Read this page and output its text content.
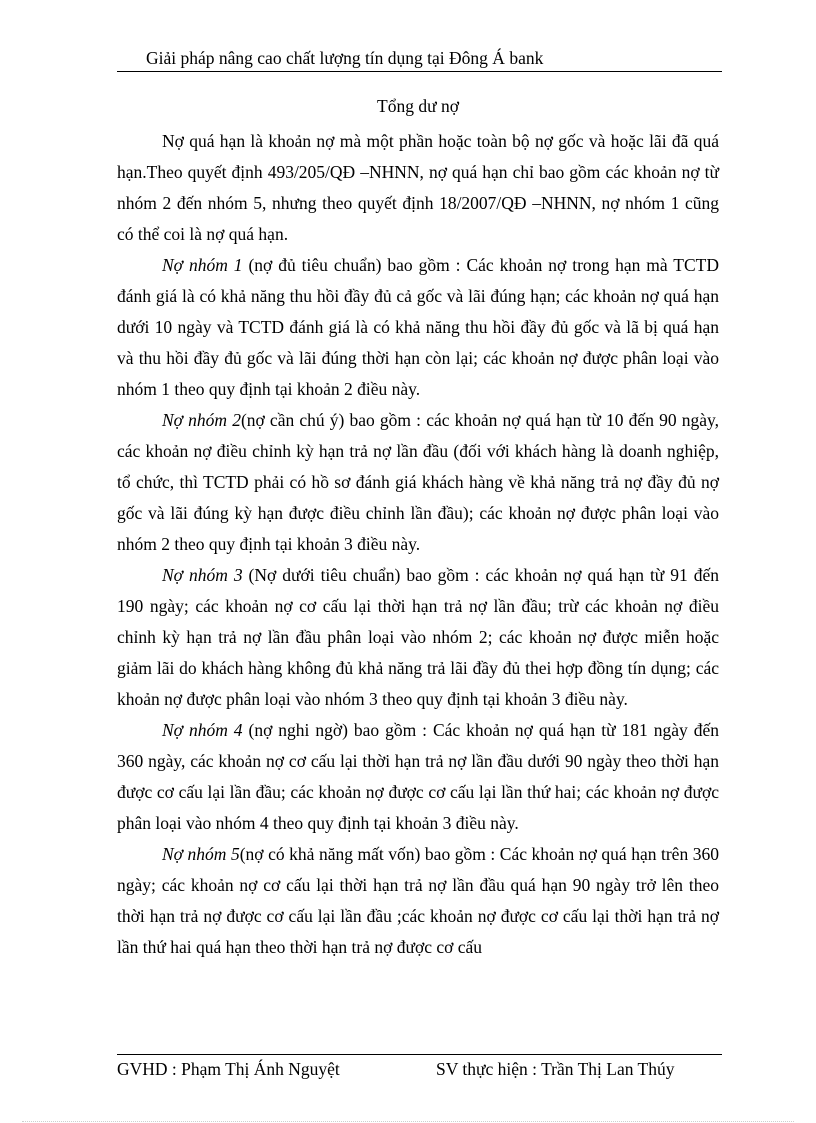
Giải pháp nâng cao chất lượng tín dụng tại Đông Á bank
Tổng dư nợ

Nợ quá hạn là khoản nợ mà một phần hoặc toàn bộ nợ gốc và hoặc lãi đã quá hạn.Theo quyết định 493/205/QĐ –NHNN, nợ quá hạn chỉ bao gồm các khoản nợ từ nhóm 2 đến nhóm 5, nhưng theo quyết định 18/2007/QĐ –NHNN, nợ nhóm 1 cũng có thể coi là nợ quá hạn.

Nợ nhóm 1 (nợ đủ tiêu chuẩn) bao gồm : Các khoản nợ trong hạn mà TCTD đánh giá là có khả năng thu hồi đầy đủ cả gốc và lãi đúng hạn; các khoản nợ quá hạn dưới 10 ngày và TCTD đánh giá là có khả năng thu hồi đầy đủ gốc và lã bị quá hạn và thu hồi đầy đủ gốc và lãi đúng thời hạn còn lại; các khoản nợ được phân loại vào nhóm 1 theo quy định tại khoản 2 điều này.

Nợ nhóm 2(nợ cần chú ý) bao gồm : các khoản nợ quá hạn từ 10 đến 90 ngày, các khoản nợ điều chỉnh kỳ hạn trả nợ lần đầu (đối với khách hàng là doanh nghiệp, tổ chức, thì TCTD phải có hồ sơ đánh giá khách hàng về khả năng trả nợ đầy đủ nợ gốc và lãi đúng kỳ hạn được điều chỉnh lần đầu); các khoản nợ được phân loại vào nhóm 2 theo quy định tại khoản 3 điều này.

Nợ nhóm 3 (Nợ dưới tiêu chuẩn) bao gồm : các khoản nợ quá hạn từ 91 đến 190 ngày; các khoản nợ cơ cấu lại thời hạn trả nợ lần đầu; trừ các khoản nợ điều chỉnh kỳ hạn trả nợ lần đầu phân loại vào nhóm 2; các khoản nợ được miễn hoặc giảm lãi do khách hàng không đủ khả năng trả lãi đầy đủ thei hợp đồng tín dụng; các khoản nợ được phân loại vào nhóm 3 theo quy định tại khoản 3 điều này.

Nợ nhóm 4 (nợ nghi ngờ) bao gồm : Các khoản nợ quá hạn từ 181 ngày đến 360 ngày, các khoản nợ cơ cấu lại thời hạn trả nợ lần đầu dưới 90 ngày theo thời hạn được cơ cấu lại lần đầu; các khoản nợ được cơ cấu lại lần thứ hai; các khoản nợ được phân loại vào nhóm 4 theo quy định tại khoản 3 điều này.

Nợ nhóm 5(nợ có khả năng mất vốn) bao gồm : Các khoản nợ quá hạn trên 360 ngày; các khoản nợ cơ cấu lại thời hạn trả nợ lần đầu quá hạn 90 ngày trở lên theo thời hạn trả nợ được cơ cấu lại lần đầu ;các khoản nợ được cơ cấu lại thời hạn trả nợ lần thứ hai quá hạn theo thời hạn trả nợ được cơ cấu

GVHD : Phạm Thị Ánh Nguyệt	SV thực hiện : Trần Thị Lan Thúy
